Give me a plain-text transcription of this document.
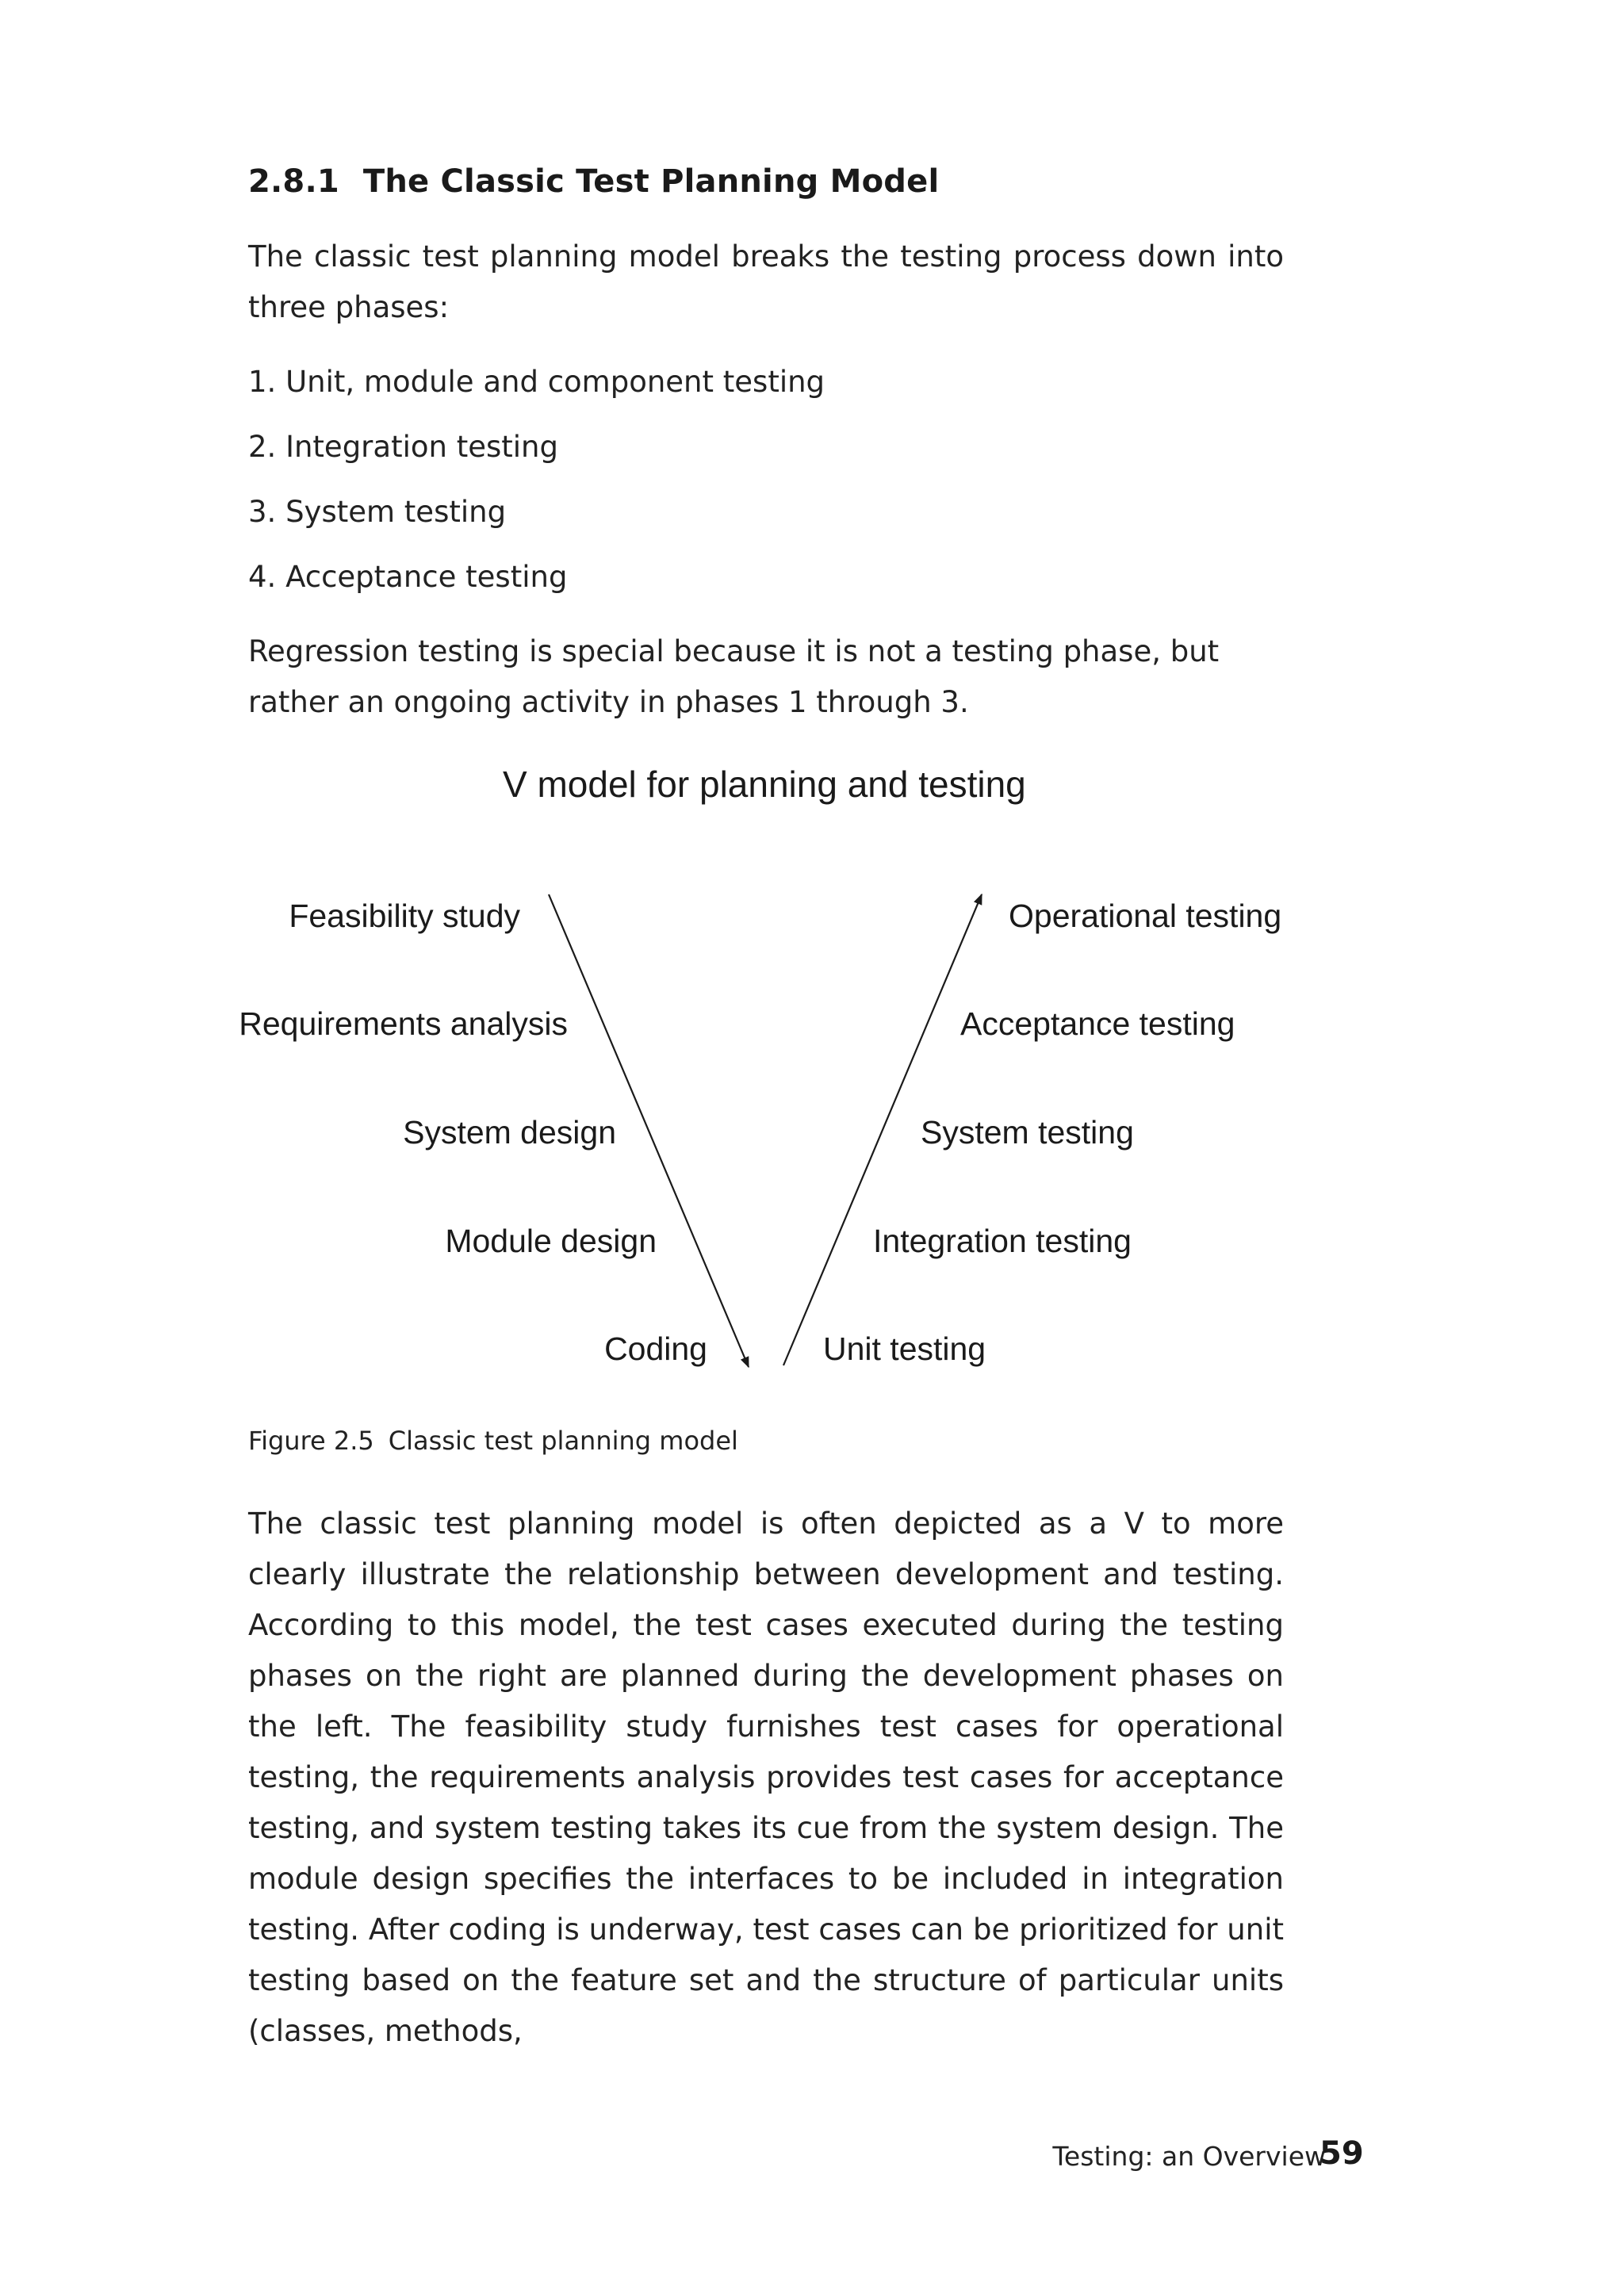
2.8.1 The Classic Test Planning Model

The classic test planning model breaks the testing process down into three phases:

1. Unit, module and component testing
2. Integration testing
3. System testing
4. Acceptance testing

Regression testing is special because it is not a testing phase, but rather an ongoing activity in phases 1 through 3.

V model for planning and testing
Feasibility study
Requirements analysis
System design
Module design
Coding
Operational testing
Acceptance testing
System testing
Integration testing
Unit testing
Figure 2.5 Classic test planning model

The classic test planning model is often depicted as a V to more clearly illustrate the relationship between development and testing. According to this model, the test cases executed during the testing phases on the right are planned during the development phases on the left. The feasibility study furnishes test cases for operational testing, the requirements analysis provides test cases for acceptance testing, and system testing takes its cue from the system design. The module design specifies the interfaces to be included in integration testing. After coding is underway, test cases can be prioritized for unit testing based on the feature set and the structure of particular units (classes, methods,

Testing: an Overview
59
